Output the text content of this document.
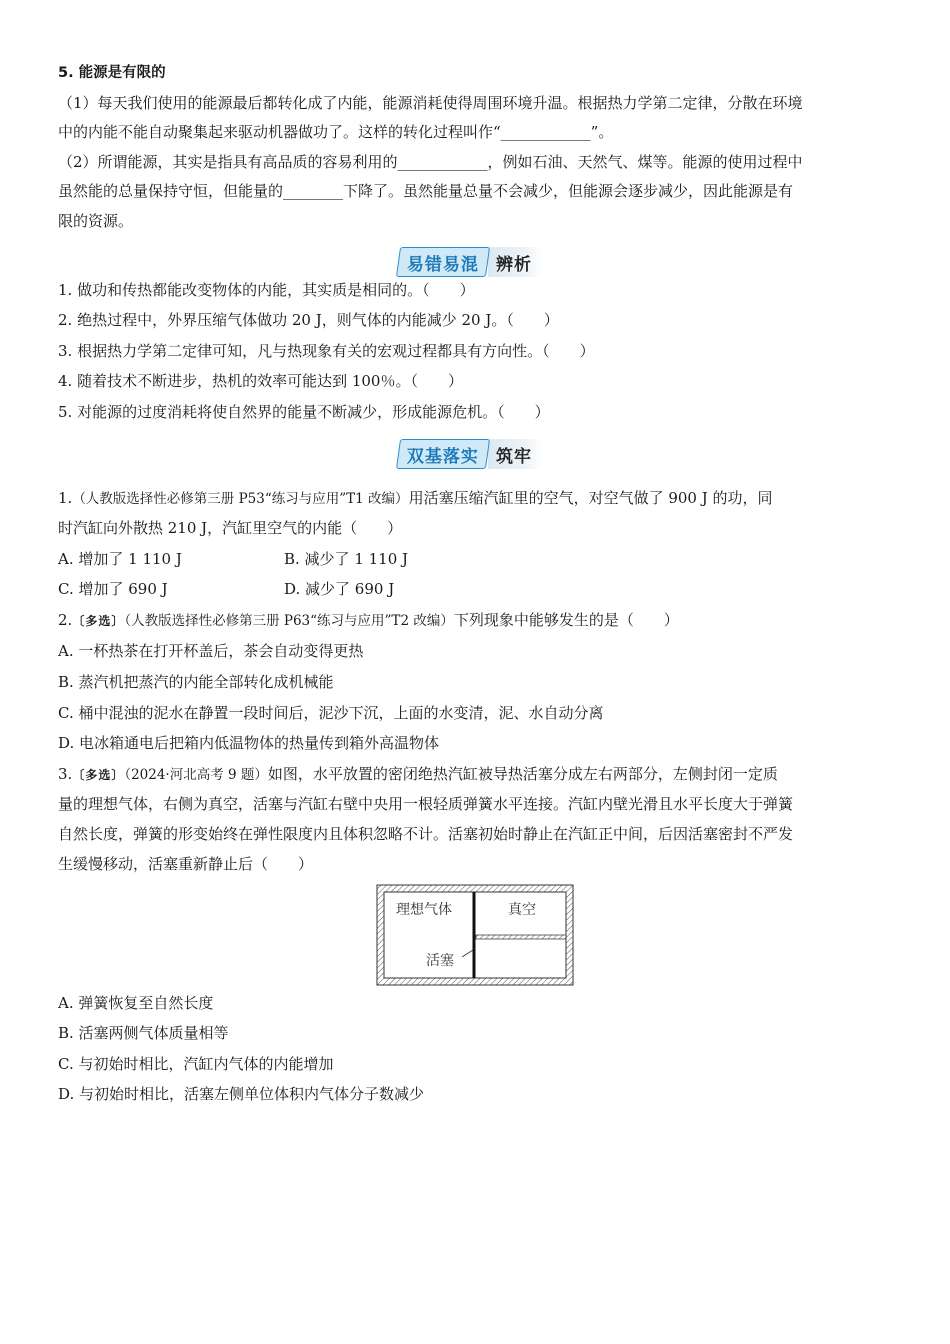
5. 能源是有限的
（1）每天我们使用的能源最后都转化成了内能，能源消耗使得周围环境升温。根据热力学第二定律，分散在环境
中的内能不能自动聚集起来驱动机器做功了。这样的转化过程叫作“____________”。
（2）所谓能源，其实是指具有高品质的容易利用的____________，例如石油、天然气、煤等。能源的使用过程中
虽然能的总量保持守恒，但能量的________下降了。虽然能量总量不会减少，但能源会逐步减少，因此能源是有
限的资源。
易错易混	辨析
1. 做功和传热都能改变物体的内能，其实质是相同的。（　　）
2. 绝热过程中，外界压缩气体做功 20 J，则气体的内能减少 20 J。（　　）
3. 根据热力学第二定律可知，凡与热现象有关的宏观过程都具有方向性。（　　）
4. 随着技术不断进步，热机的效率可能达到 100％。（　　）
5. 对能源的过度消耗将使自然界的能量不断减少，形成能源危机。（　　）
双基落实	筑牢
1.（人教版选择性必修第三册 P53“练习与应用”T1 改编）用活塞压缩汽缸里的空气，对空气做了 900 J 的功，同
时汽缸向外散热 210 J，汽缸里空气的内能（　　）
A. 增加了 1 110 J	B. 减少了 1 110 J
C. 增加了 690 J	D. 减少了 690 J
2.〔多选〕（人教版选择性必修第三册 P63“练习与应用”T2 改编）下列现象中能够发生的是（　　）
A. 一杯热茶在打开杯盖后，茶会自动变得更热
B. 蒸汽机把蒸汽的内能全部转化成机械能
C. 桶中混浊的泥水在静置一段时间后，泥沙下沉，上面的水变清，泥、水自动分离
D. 电冰箱通电后把箱内低温物体的热量传到箱外高温物体
3.〔多选〕（2024·河北高考 9 题）如图，水平放置的密闭绝热汽缸被导热活塞分成左右两部分，左侧封闭一定质
量的理想气体，右侧为真空，活塞与汽缸右壁中央用一根轻质弹簧水平连接。汽缸内壁光滑且水平长度大于弹簧
自然长度，弹簧的形变始终在弹性限度内且体积忽略不计。活塞初始时静止在汽缸正中间，后因活塞密封不严发
生缓慢移动，活塞重新静止后（　　）
理想气体	真空
活塞
A. 弹簧恢复至自然长度
B. 活塞两侧气体质量相等
C. 与初始时相比，汽缸内气体的内能增加
D. 与初始时相比，活塞左侧单位体积内气体分子数减少
